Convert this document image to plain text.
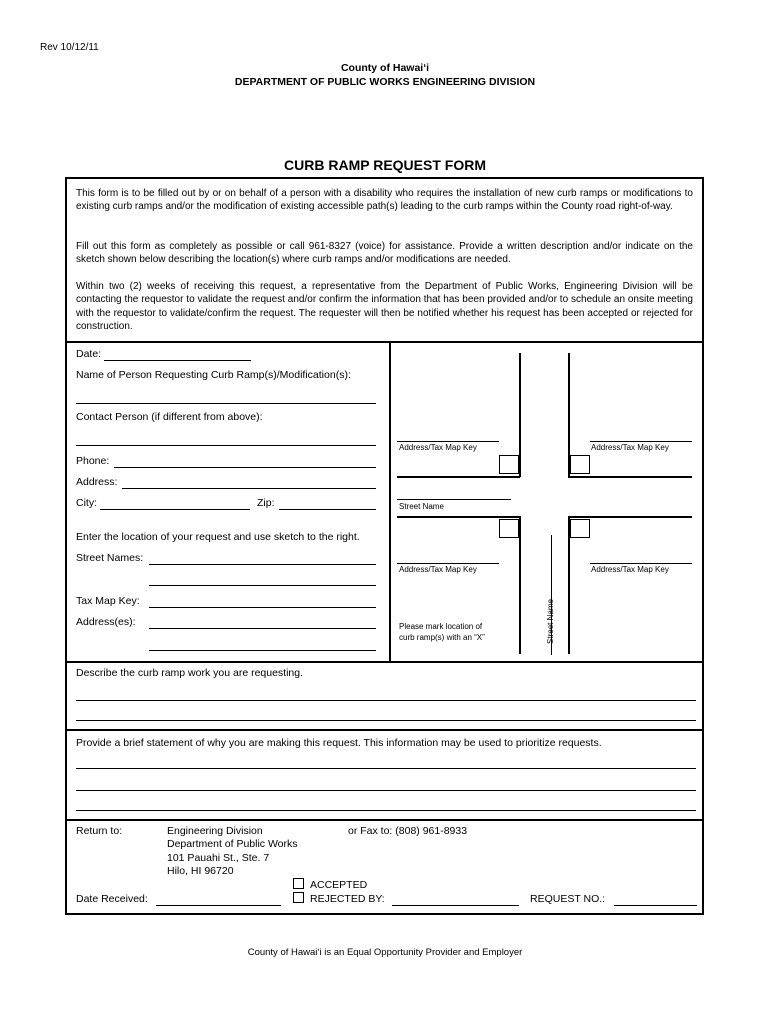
Rev 10/12/11
County of Hawai‘i
DEPARTMENT OF PUBLIC WORKS ENGINEERING DIVISION
CURB RAMP REQUEST FORM
This form is to be filled out by or on behalf of a person with a disability who requires the installation of new curb ramps or modifications to existing curb ramps and/or the modification of existing accessible path(s) leading to the curb ramps within the County road right-of-way.
Fill out this form as completely as possible or call 961-8327 (voice) for assistance. Provide a written description and/or indicate on the sketch shown below describing the location(s) where curb ramps and/or modifications are needed.
Within two (2) weeks of receiving this request, a representative from the Department of Public Works, Engineering Division will be contacting the requestor to validate the request and/or confirm the information that has been provided and/or to schedule an onsite meeting with the requestor to validate/confirm the request. The requester will then be notified whether his request has been accepted or rejected for construction.
Date:
Name of Person Requesting Curb Ramp(s)/Modification(s):
Contact Person (if different from above):
Phone:
Address:
City:	Zip:
Enter the location of your request and use sketch to the right.
Street Names:
Tax Map Key:
Address(es):
Address/Tax Map Key	Address/Tax Map Key
Street Name
Address/Tax Map Key	Address/Tax Map Key
Street Name
Please mark location of
curb ramp(s) with an “X”
Describe the curb ramp work you are requesting.
Provide a brief statement of why you are making this request. This information may be used to prioritize requests.
Return to:	Engineering Division
Department of Public Works
101 Pauahi St., Ste. 7
Hilo, HI 96720
or Fax to: (808) 961-8933
Date Received:
ACCEPTED
REJECTED BY:	REQUEST NO.:
County of Hawai‘i is an Equal Opportunity Provider and Employer
